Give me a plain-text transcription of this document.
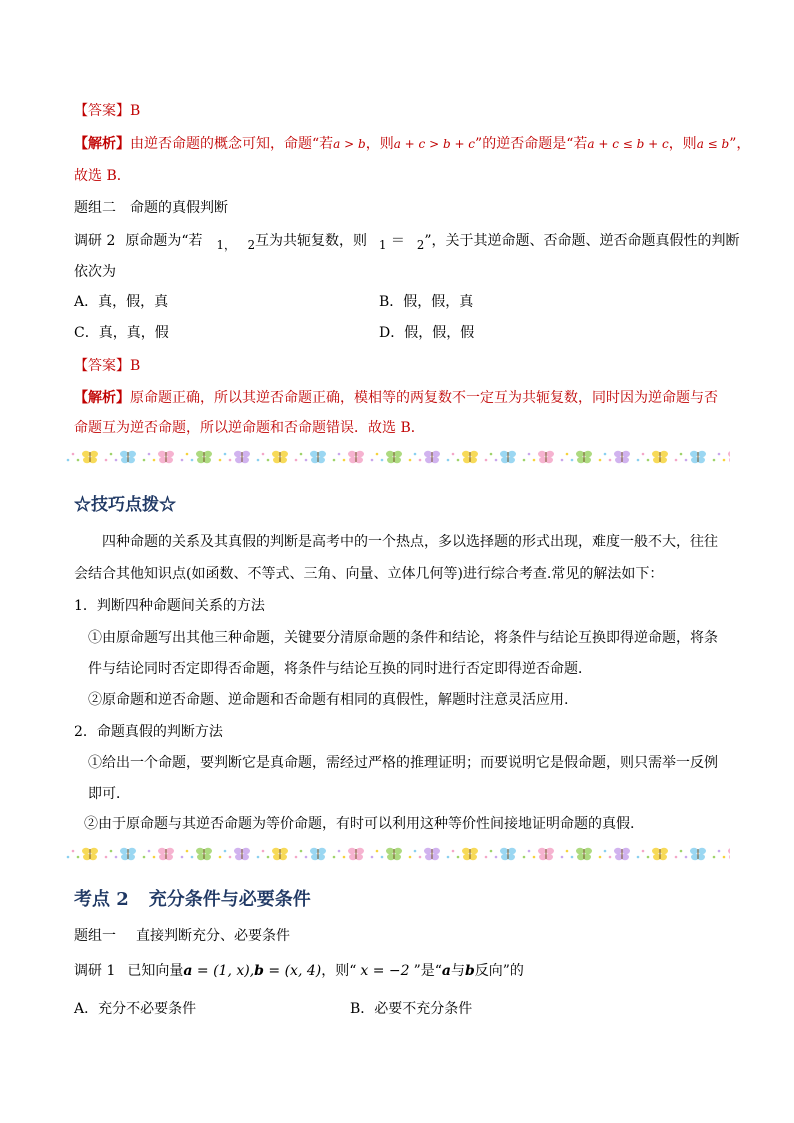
【答案】B
【解析】由逆否命题的概念可知，命题“若a > b，则a + c > b + c”的逆否命题是“若a + c ≤ b + c，则a ≤ b”，
故选 B．
题组二 命题的真假判断
调研 2 原命题为“若 $_{1,}$ $_2$互为共轭复数，则 $_1$ ＝ $_2$”，关于其逆命题、否命题、逆否命题真假性的判断
依次为
A．真，假，真	B．假，假，真
C．真，真，假	D．假，假，假
【答案】B
【解析】原命题正确，所以其逆否命题正确，模相等的两复数不一定互为共轭复数，同时因为逆命题与否
命题互为逆否命题，所以逆命题和否命题错误．故选 B．
☆技巧点拨☆
四种命题的关系及其真假的判断是高考中的一个热点，多以选择题的形式出现，难度一般不大，往往
会结合其他知识点(如函数、不等式、三角、向量、立体几何等)进行综合考查.常见的解法如下：
1．判断四种命题间关系的方法
①由原命题写出其他三种命题，关键要分清原命题的条件和结论，将条件与结论互换即得逆命题，将条
件与结论同时否定即得否命题，将条件与结论互换的同时进行否定即得逆否命题．
②原命题和逆否命题、逆命题和否命题有相同的真假性，解题时注意灵活应用.
2．命题真假的判断方法
①给出一个命题，要判断它是真命题，需经过严格的推理证明；而要说明它是假命题，则只需举一反例
即可．
②由于原命题与其逆否命题为等价命题，有时可以利用这种等价性间接地证明命题的真假.
考点 2 充分条件与必要条件
题组一 直接判断充分、必要条件
调研 1 已知向量a = (1, x),b = (x, 4)，则“ x = −2 ”是“a与b反向”的
A．充分不必要条件	B．必要不充分条件
